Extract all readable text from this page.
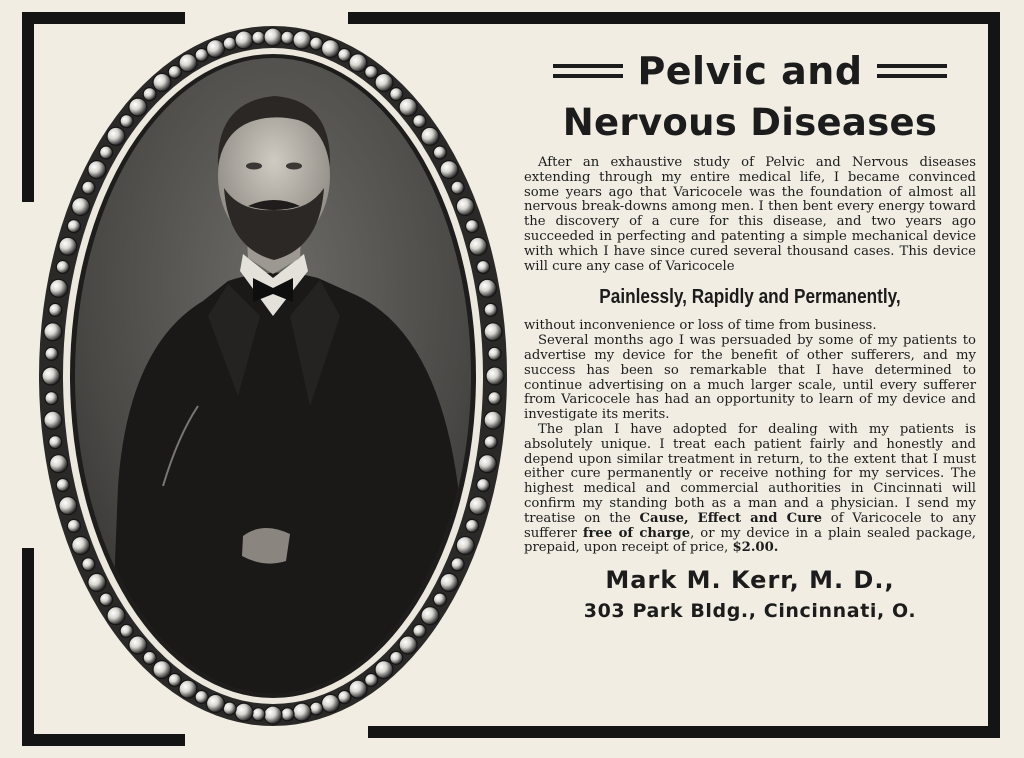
Pelvic and
Nervous Diseases

After an exhaustive study of Pelvic and Nervous diseases extending through my entire medical life, I became convinced some years ago that Varicocele was the foundation of almost all nervous break-downs among men. I then bent every energy toward the discovery of a cure for this disease, and two years ago succeeded in perfecting and patenting a simple mechanical device with which I have since cured several thousand cases. This device will cure any case of Varicocele

Painlessly, Rapidly and Permanently,

without inconvenience or loss of time from business.

Several months ago I was persuaded by some of my patients to advertise my device for the benefit of other sufferers, and my success has been so remarkable that I have determined to continue advertising on a much larger scale, until every sufferer from Varicocele has had an opportunity to learn of my device and investigate its merits.

The plan I have adopted for dealing with my patients is absolutely unique. I treat each patient fairly and honestly and depend upon similar treatment in return, to the extent that I must either cure permanently or receive nothing for my services. The highest medical and commercial authorities in Cincinnati will confirm my standing both as a man and a physician. I send my treatise on the Cause, Effect and Cure of Varicocele to any sufferer free of charge, or my device in a plain sealed package, prepaid, upon receipt of price, $2.00.

Mark M. Kerr, M. D.,
303 Park Bldg., Cincinnati, O.
